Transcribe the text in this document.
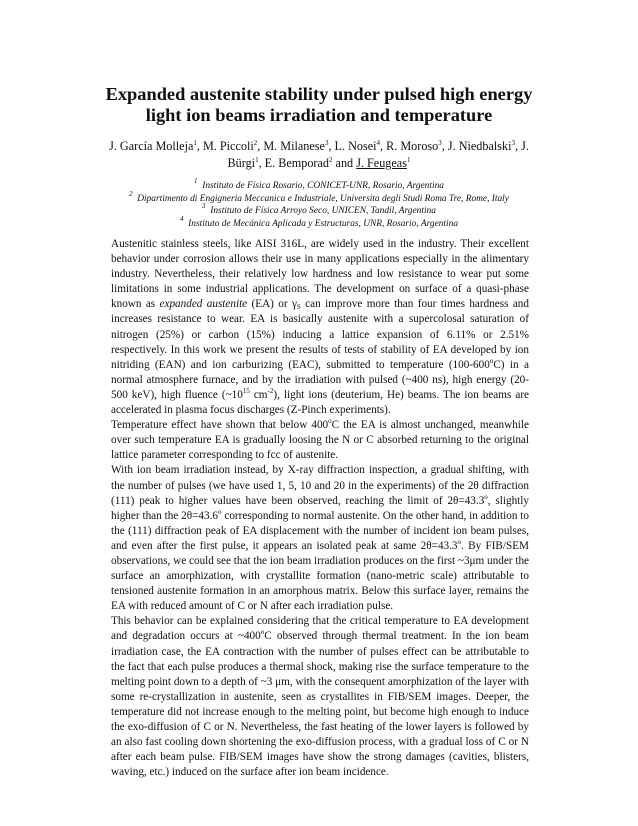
Expanded austenite stability under pulsed high energy
light ion beams irradiation and temperature
J. García Molleja$^1$, M. Piccoli$^2$, M. Milanese$^3$, L. Nosei$^4$, R. Moroso$^3$, J. Niedbalski$^3$, J. Bürgi$^1$, E. Bemporad$^2$ and J. Feugeas$^1$
$^1$ Instituto de Física Rosario, CONICET-UNR, Rosario, Argentina
$^2$ Dipartimento di Engigneria Meccanica e Industriale, Universita degli Studi Roma Tre, Rome, Italy
$^3$ Instituto de Física Arroyo Seco, UNICEN, Tandil, Argentina
$^4$ Instituto de Mecánica Aplicada y Estructuras, UNR, Rosario, Argentina

Austenitic stainless steels, like AISI 316L, are widely used in the industry. Their excellent behavior under corrosion allows their use in many applications especially in the alimentary industry. Nevertheless, their relatively low hardness and low resistance to wear put some limitations in some industrial applications. The development on surface of a quasi-phase known as expanded austenite (EA) or $\gamma_S$ can improve more than four times hardness and increases resistance to wear. EA is basically austenite with a supercolosal saturation of nitrogen (25%) or carbon (15%) inducing a lattice expansion of 6.11% or 2.51% respectively. In this work we present the results of tests of stability of EA developed by ion nitriding (EAN) and ion carburizing (EAC), submitted to temperature (100-600$^o$C) in a normal atmosphere furnace, and by the irradiation with pulsed (~400 ns), high energy (20-500 keV), high fluence ($\sim 10^{15}$ $cm^{-2}$), light ions (deuterium, He) beams. The ion beams are accelerated in plasma focus discharges (Z-Pinch experiments).

Temperature effect have shown that below 400$^o$C the EA is almost unchanged, meanwhile over such temperature EA is gradually loosing the N or C absorbed returning to the original lattice parameter corresponding to fcc of austenite.

With ion beam irradiation instead, by X-ray diffraction inspection, a gradual shifting, with the number of pulses (we have used 1, 5, 10 and 20 in the experiments) of the 2θ diffraction (111) peak to higher values have been observed, reaching the limit of $2\theta=43.3^o$, slightly higher than the $2\theta=43.6^o$ corresponding to normal austenite. On the other hand, in addition to the (111) diffraction peak of EA displacement with the number of incident ion beam pulses, and even after the first pulse, it appears an isolated peak at same $2\theta=43.3^o$. By FIB/SEM observations, we could see that the ion beam irradiation produces on the first ~3μm under the surface an amorphization, with crystallite formation (nano-metric scale) attributable to tensioned austenite formation in an amorphous matrix. Below this surface layer, remains the EA with reduced amount of C or N after each irradiation pulse.

This behavior can be explained considering that the critical temperature to EA development and degradation occurs at ~400$^o$C observed through thermal treatment. In the ion beam irradiation case, the EA contraction with the number of pulses effect can be attributable to the fact that each pulse produces a thermal shock, making rise the surface temperature to the melting point down to a depth of ~3 μm, with the consequent amorphization of the layer with some re-crystallization in austenite, seen as crystallites in FIB/SEM images. Deeper, the temperature did not increase enough to the melting point, but become high enough to induce the exo-diffusion of C or N. Nevertheless, the fast heating of the lower layers is followed by an also fast cooling down shortening the exo-diffusion process, with a gradual loss of C or N after each beam pulse. FIB/SEM images have show the strong damages (cavities, blisters, waving, etc.) induced on the surface after ion beam incidence.
